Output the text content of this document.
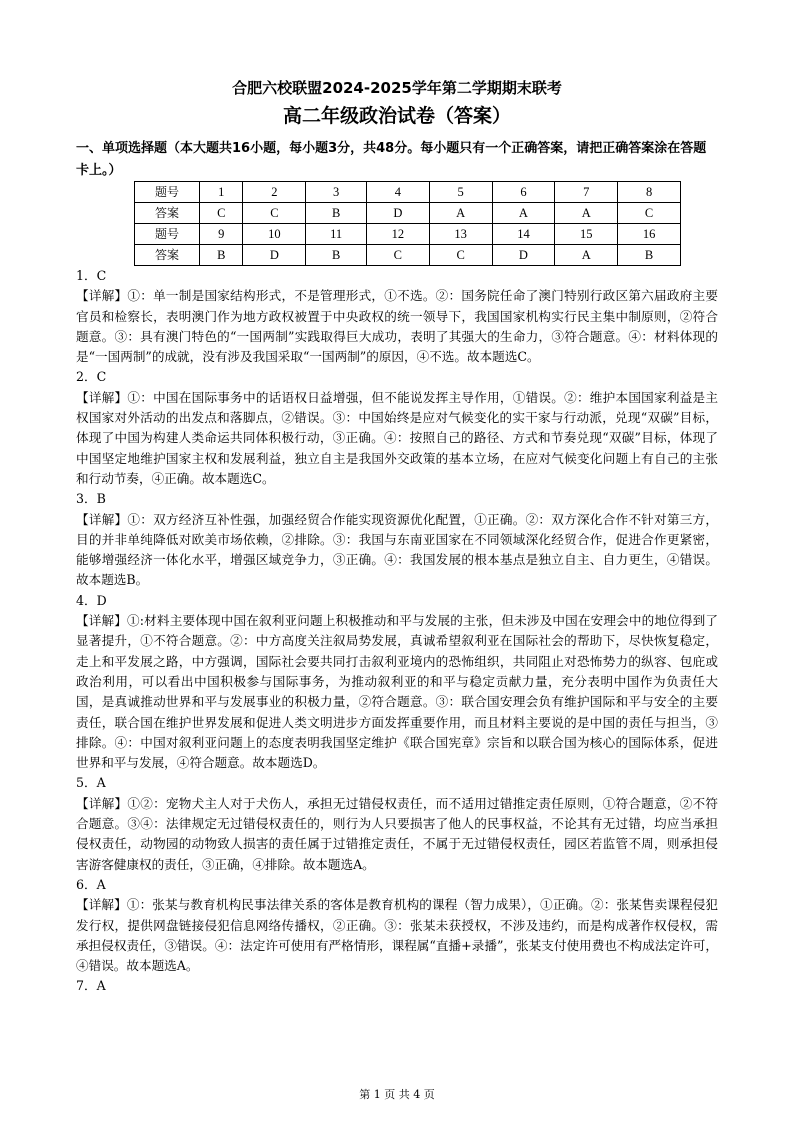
合肥六校联盟2024-2025学年第二学期期末联考
高二年级政治试卷（答案）
一、单项选择题（本大题共16小题，每小题3分，共48分。每小题只有一个正确答案，请把正确答案涂在答题卡上。）
题号	1	2	3	4	5	6	7	8
答案	C	C	B	D	A	A	A	C
题号	9	10	11	12	13	14	15	16
答案	B	D	B	C	C	D	A	B
1．C
【详解】①：单一制是国家结构形式，不是管理形式，①不选。②：国务院任命了澳门特别行政区第六届政府主要官员和检察长，表明澳门作为地方政权被置于中央政权的统一领导下，我国国家机构实行民主集中制原则，②符合题意。③：具有澳门特色的“一国两制”实践取得巨大成功，表明了其强大的生命力，③符合题意。④：材料体现的是“一国两制”的成就，没有涉及我国采取“一国两制”的原因，④不选。故本题选C。
2．C
【详解】①：中国在国际事务中的话语权日益增强，但不能说发挥主导作用，①错误。②：维护本国国家利益是主权国家对外活动的出发点和落脚点，②错误。③：中国始终是应对气候变化的实干家与行动派，兑现“双碳”目标，体现了中国为构建人类命运共同体积极行动，③正确。④：按照自己的路径、方式和节奏兑现“双碳”目标，体现了中国坚定地维护国家主权和发展利益，独立自主是我国外交政策的基本立场，在应对气候变化问题上有自己的主张和行动节奏，④正确。故本题选C。
3．B
【详解】①：双方经济互补性强，加强经贸合作能实现资源优化配置，①正确。②：双方深化合作不针对第三方，目的并非单纯降低对欧美市场依赖，②排除。③：我国与东南亚国家在不同领域深化经贸合作，促进合作更紧密，能够增强经济一体化水平，增强区域竞争力，③正确。④：我国发展的根本基点是独立自主、自力更生，④错误。故本题选B。
4．D
【详解】①:材料主要体现中国在叙利亚问题上积极推动和平与发展的主张，但未涉及中国在安理会中的地位得到了显著提升，①不符合题意。②：中方高度关注叙局势发展，真诚希望叙利亚在国际社会的帮助下，尽快恢复稳定，走上和平发展之路，中方强调，国际社会要共同打击叙利亚境内的恐怖组织，共同阻止对恐怖势力的纵容、包庇或政治利用，可以看出中国积极参与国际事务，为推动叙利亚的和平与稳定贡献力量，充分表明中国作为负责任大国，是真诚推动世界和平与发展事业的积极力量，②符合题意。③：联合国安理会负有维护国际和平与安全的主要责任，联合国在维护世界发展和促进人类文明进步方面发挥重要作用，而且材料主要说的是中国的责任与担当，③排除。④：中国对叙利亚问题上的态度表明我国坚定维护《联合国宪章》宗旨和以联合国为核心的国际体系，促进世界和平与发展，④符合题意。故本题选D。
5．A
【详解】①②：宠物犬主人对于犬伤人，承担无过错侵权责任，而不适用过错推定责任原则，①符合题意，②不符合题意。③④：法律规定无过错侵权责任的，则行为人只要损害了他人的民事权益，不论其有无过错，均应当承担侵权责任，动物园的动物致人损害的责任属于过错推定责任，不属于无过错侵权责任，园区若监管不周，则承担侵害游客健康权的责任，③正确，④排除。故本题选A。
6．A
【详解】①：张某与教育机构民事法律关系的客体是教育机构的课程（智力成果），①正确。②：张某售卖课程侵犯发行权，提供网盘链接侵犯信息网络传播权，②正确。③：张某未获授权，不涉及违约，而是构成著作权侵权，需承担侵权责任，③错误。④：法定许可使用有严格情形，课程属“直播+录播”，张某支付使用费也不构成法定许可，④错误。故本题选A。
7．A
第 1 页 共 4 页
